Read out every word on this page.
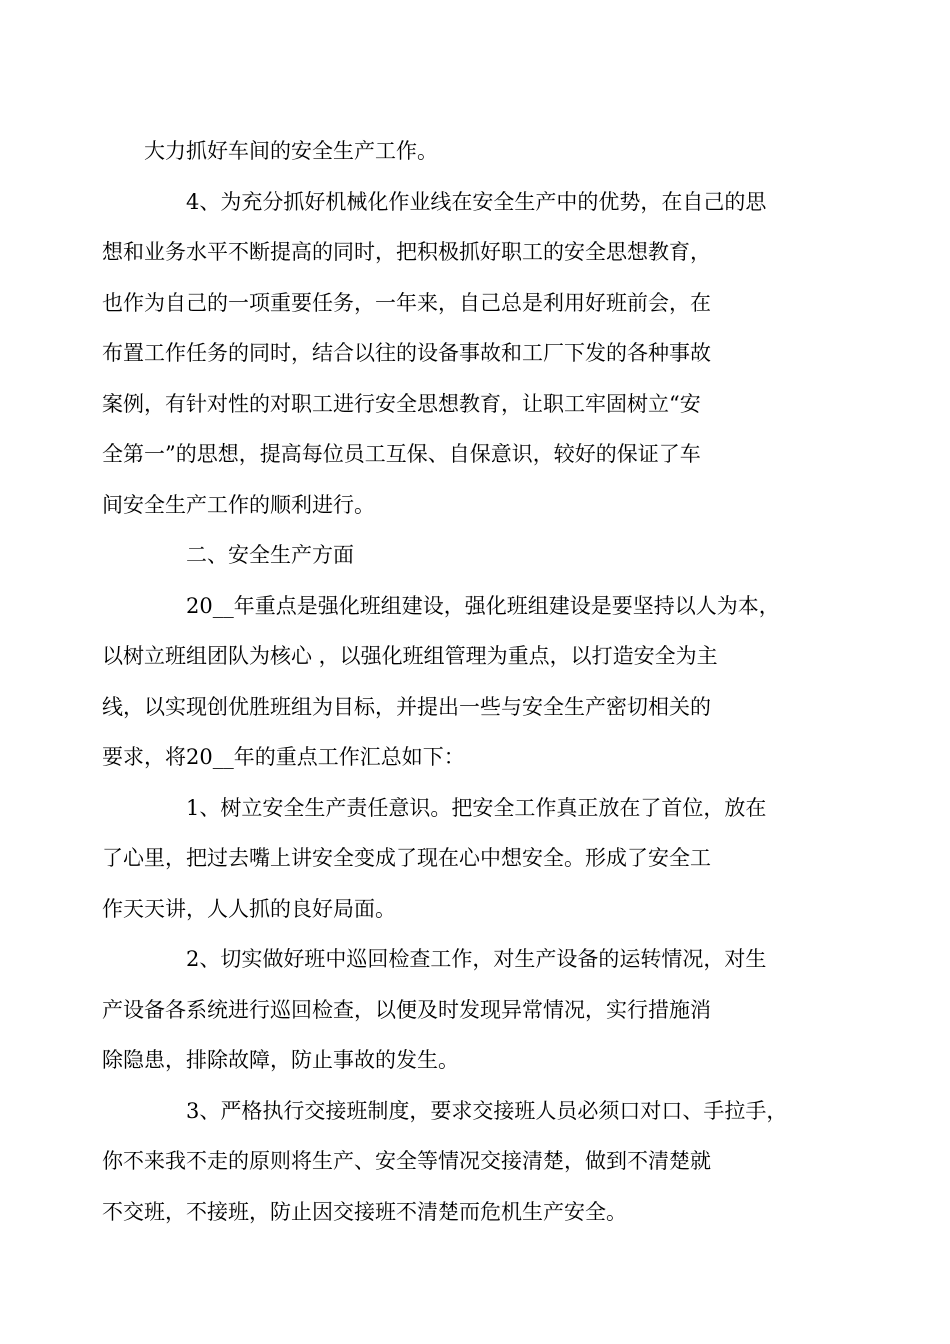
大力抓好车间的安全生产工作。

4、为充分抓好机械化作业线在安全生产中的优势，在自己的思
想和业务水平不断提高的同时，把积极抓好职工的安全思想教育，
也作为自己的一项重要任务，一年来，自己总是利用好班前会，在
布置工作任务的同时，结合以往的设备事故和工厂下发的各种事故
案例，有针对性的对职工进行安全思想教育，让职工牢固树立“安
全第一”的思想，提高每位员工互保、自保意识，较好的保证了车
间安全生产工作的顺利进行。

二、安全生产方面

20__年重点是强化班组建设，强化班组建设是要坚持以人为本，
以树立班组团队为核心 ，以强化班组管理为重点，以打造安全为主
线，以实现创优胜班组为目标，并提出一些与安全生产密切相关的
要求，将20__年的重点工作汇总如下：

1、树立安全生产责任意识。把安全工作真正放在了首位，放在
了心里，把过去嘴上讲安全变成了现在心中想安全。形成了安全工
作天天讲，人人抓的良好局面。

2、切实做好班中巡回检查工作，对生产设备的运转情况，对生
产设备各系统进行巡回检查，以便及时发现异常情况，实行措施消
除隐患，排除故障，防止事故的发生。

3、严格执行交接班制度，要求交接班人员必须口对口、手拉手，
你不来我不走的原则将生产、安全等情况交接清楚，做到不清楚就
不交班，不接班，防止因交接班不清楚而危机生产安全。
